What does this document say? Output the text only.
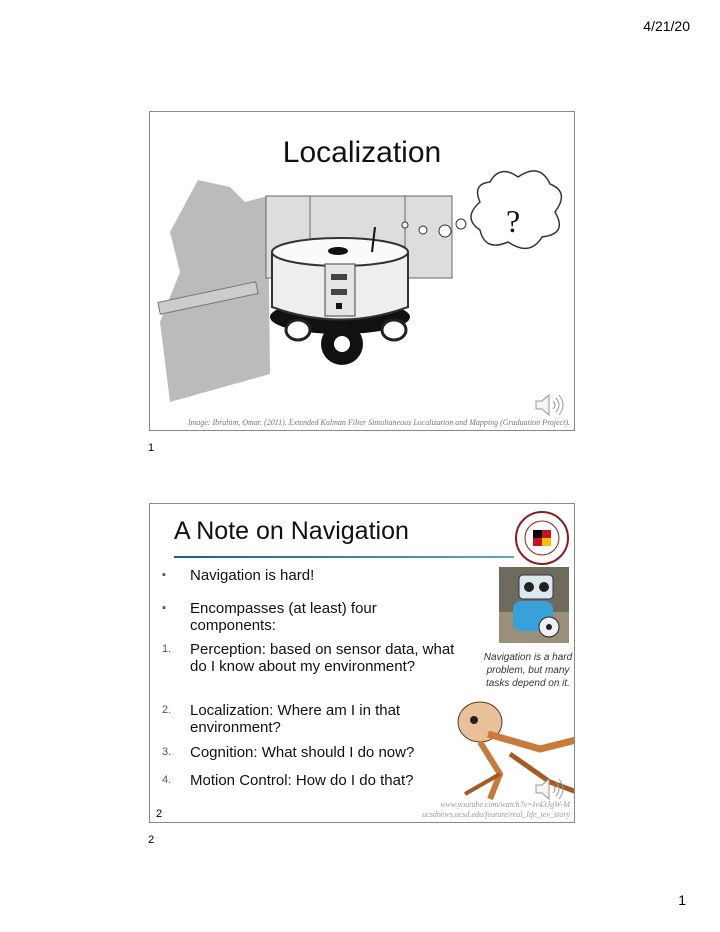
4/21/20
Localization
?
Image: Ibrahim, Omar. (2011). Extended Kalman Filter Simultaneous Localization and Mapping (Graduation Project).
1
A Note on Navigation
▪ Navigation is hard!
▪ Encompasses (at least) four components:
1. Perception: based on sensor data, what do I know about my environment?
2. Localization: Where am I in that environment?
3. Cognition: What should I do now?
4. Motion Control: How do I do that?
Navigation is a hard problem, but many tasks depend on it.
www.youtube.com/watch?v=Iv43JgW-M
ucsdnews.ucsd.edu/feature/real_life_tev_story
2
2
1
